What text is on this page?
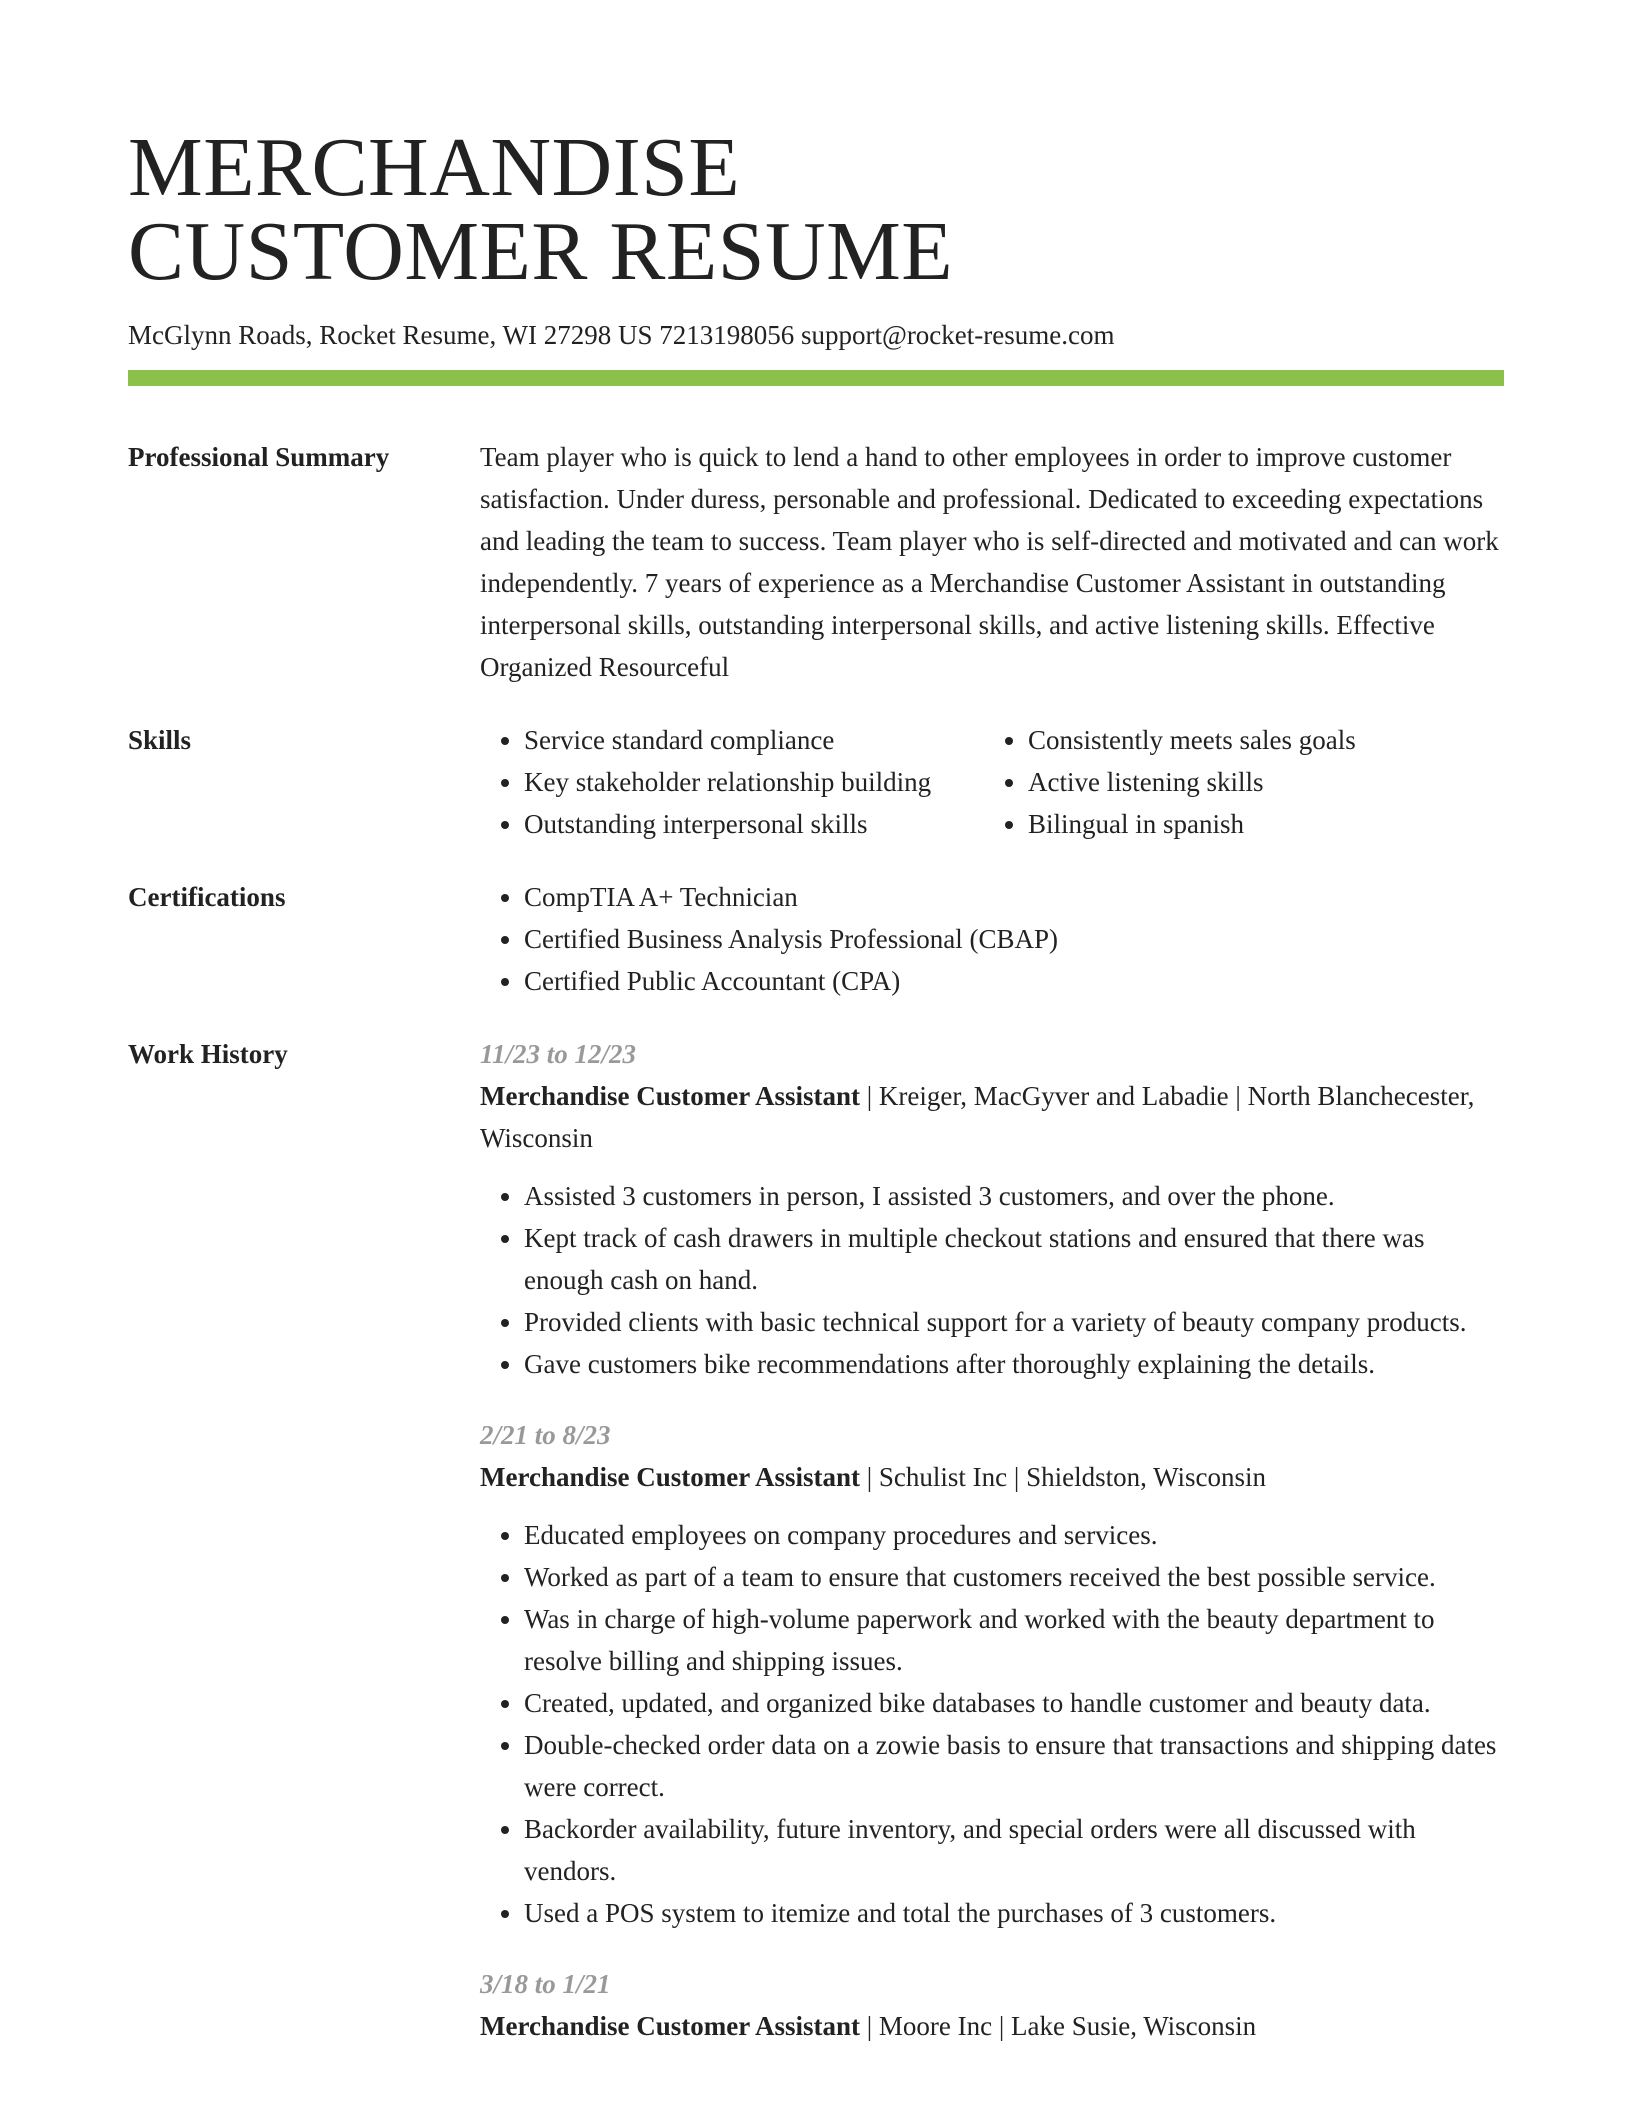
MERCHANDISE
CUSTOMER RESUME
McGlynn Roads, Rocket Resume, WI 27298 US 7213198056 support@rocket-resume.com
Professional Summary	Team player who is quick to lend a hand to other employees in order to improve customer satisfaction. Under duress, personable and professional. Dedicated to exceeding expectations and leading the team to success. Team player who is self-directed and motivated and can work independently. 7 years of experience as a Merchandise Customer Assistant in outstanding interpersonal skills, outstanding interpersonal skills, and active listening skills. Effective Organized Resourceful
Skills	• Service standard compliance
• Key stakeholder relationship building
• Outstanding interpersonal skills
• Consistently meets sales goals
• Active listening skills
• Bilingual in spanish
Certifications	• CompTIA A+ Technician
• Certified Business Analysis Professional (CBAP)
• Certified Public Accountant (CPA)
Work History	11/23 to 12/23
Merchandise Customer Assistant | Kreiger, MacGyver and Labadie | North Blanchecester, Wisconsin
• Assisted 3 customers in person, I assisted 3 customers, and over the phone.
• Kept track of cash drawers in multiple checkout stations and ensured that there was enough cash on hand.
• Provided clients with basic technical support for a variety of beauty company products.
• Gave customers bike recommendations after thoroughly explaining the details.
2/21 to 8/23
Merchandise Customer Assistant | Schulist Inc | Shieldston, Wisconsin
• Educated employees on company procedures and services.
• Worked as part of a team to ensure that customers received the best possible service.
• Was in charge of high-volume paperwork and worked with the beauty department to resolve billing and shipping issues.
• Created, updated, and organized bike databases to handle customer and beauty data.
• Double-checked order data on a zowie basis to ensure that transactions and shipping dates were correct.
• Backorder availability, future inventory, and special orders were all discussed with vendors.
• Used a POS system to itemize and total the purchases of 3 customers.
3/18 to 1/21
Merchandise Customer Assistant | Moore Inc | Lake Susie, Wisconsin
